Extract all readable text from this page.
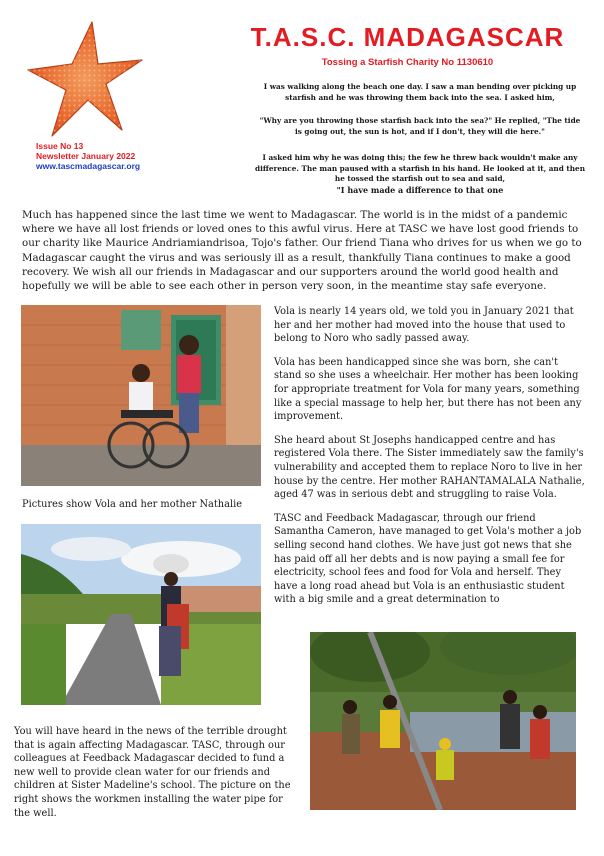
T.A.S.C. MADAGASCAR
Tossing a Starfish Charity No 1130610
Issue No 13
Newsletter January 2022
www.tascmadagascar.org
I was walking along the beach one day. I saw a man bending over picking up
starfish and he was throwing them back into the sea. I asked him,
"Why are you throwing those starfish back into the sea?" He replied, "The tide
is going out, the sun is hot, and if I don't, they will die here."
I asked him why he was doing this; the few he threw back wouldn't make any
difference. The man paused with a starfish in his hand. He looked at it, and then
he tossed the starfish out to sea and said,
"I have made a difference to that one
Much has happened since the last time we went to Madagascar. The world is in the midst of a pandemic where we have all lost friends or loved ones to this awful virus. Here at TASC we have lost good friends to our charity like Maurice Andriamiandrisoa, Tojo's father. Our friend Tiana who drives for us when we go to Madagascar caught the virus and was seriously ill as a result, thankfully Tiana continues to make a good recovery. We wish all our friends in Madagascar and our supporters around the world good health and hopefully we will be able to see each other in person very soon, in the meantime stay safe everyone.
Pictures show Vola and her mother Nathalie

Vola is nearly 14 years old, we told you in January 2021 that her and her mother had moved into the house that used to belong to Noro who sadly passed away.

Vola has been handicapped since she was born, she can't stand so she uses a wheelchair. Her mother has been looking for appropriate treatment for Vola for many years, something like a special massage to help her, but there has not been any improvement.

She heard about St Josephs handicapped centre and has registered Vola there. The Sister immediately saw the family's vulnerability and accepted them to replace Noro to live in her house by the centre. Her mother RAHANTAMALALA Nathalie, aged 47 was in serious debt and struggling to raise Vola.

TASC and Feedback Madagascar, through our friend Samantha Cameron, have managed to get Vola's mother a job selling second hand clothes. We have just got news that she has paid off all her debts and is now paying a small fee for electricity, school fees and food for Vola and herself. They have a long road ahead but Vola is an enthusiastic student with a big smile and a great determination to

You will have heard in the news of the terrible drought that is again affecting Madagascar. TASC, through our colleagues at Feedback Madagascar decided to fund a new well to provide clean water for our friends and children at Sister Madeline's school. The picture on the right shows the workmen installing the water pipe for the well.
